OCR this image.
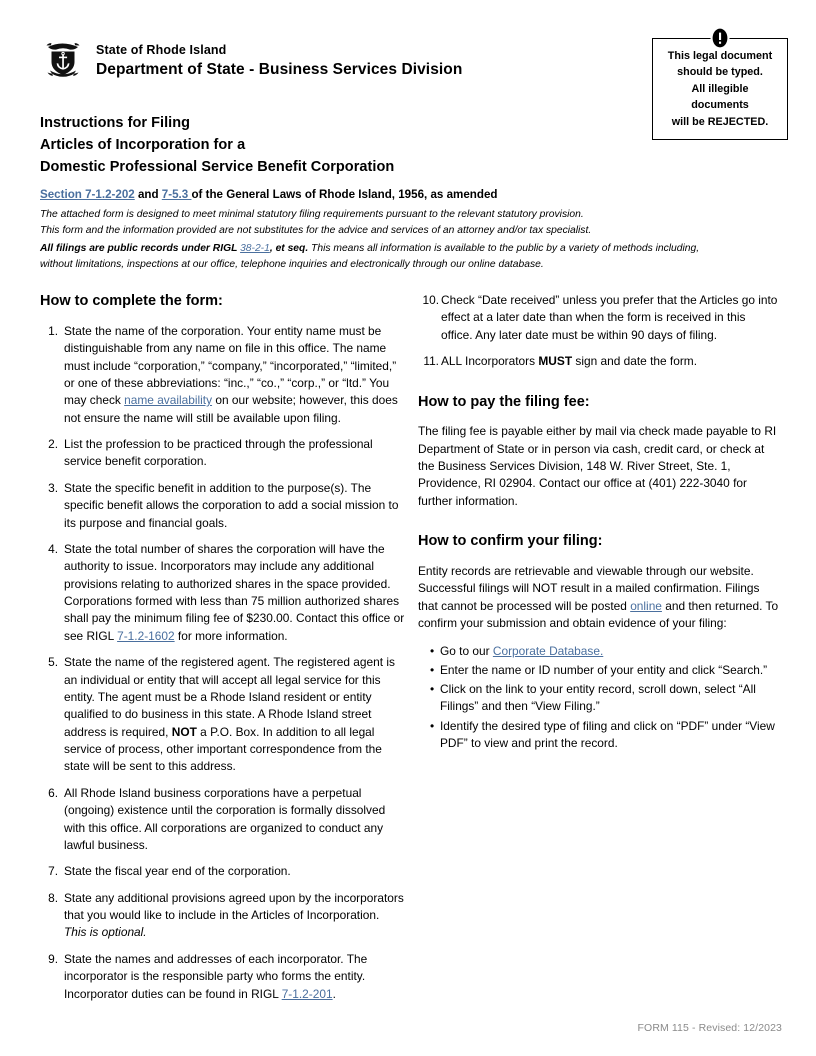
State of Rhode Island
Department of State - Business Services Division
This legal document
should be typed.
All illegible
documents
will be REJECTED.
Instructions for Filing
Articles of Incorporation for a
Domestic Professional Service Benefit Corporation
Section 7-1.2-202 and 7-5.3 of the General Laws of Rhode Island, 1956, as amended
The attached form is designed to meet minimal statutory filing requirements pursuant to the relevant statutory provision.
This form and the information provided are not substitutes for the advice and services of an attorney and/or tax specialist.
All filings are public records under RIGL 38-2-1, et seq. This means all information is available to the public by a variety of methods including, without limitations, inspections at our office, telephone inquiries and electronically through our online database.
How to complete the form:
1. State the name of the corporation. Your entity name must be distinguishable from any name on file in this office. The name must include “corporation,” “company,” “incorporated,” “limited,” or one of these abbreviations: “inc.,” “co.,” “corp.,” or “ltd.” You may check name availability on our website; however, this does not ensure the name will still be available upon filing.
2. List the profession to be practiced through the professional service benefit corporation.
3. State the specific benefit in addition to the purpose(s). The specific benefit allows the corporation to add a social mission to its purpose and financial goals.
4. State the total number of shares the corporation will have the authority to issue. Incorporators may include any additional provisions relating to authorized shares in the space provided. Corporations formed with less than 75 million authorized shares shall pay the minimum filing fee of $230.00. Contact this office or see RIGL 7-1.2-1602 for more information.
5. State the name of the registered agent. The registered agent is an individual or entity that will accept all legal service for this entity. The agent must be a Rhode Island resident or entity qualified to do business in this state. A Rhode Island street address is required, NOT a P.O. Box. In addition to all legal service of process, other important correspondence from the state will be sent to this address.
6. All Rhode Island business corporations have a perpetual (ongoing) existence until the corporation is formally dissolved with this office. All corporations are organized to conduct any lawful business.
7. State the fiscal year end of the corporation.
8. State any additional provisions agreed upon by the incorporators that you would like to include in the Articles of Incorporation. This is optional.
9. State the names and addresses of each incorporator. The incorporator is the responsible party who forms the entity. Incorporator duties can be found in RIGL 7-1.2-201.
10. Check “Date received” unless you prefer that the Articles go into effect at a later date than when the form is received in this office. Any later date must be within 90 days of filing.
11. ALL Incorporators MUST sign and date the form.
How to pay the filing fee:

The filing fee is payable either by mail via check made payable to RI Department of State or in person via cash, credit card, or check at the Business Services Division, 148 W. River Street, Ste. 1, Providence, RI 02904. Contact our office at (401) 222-3040 for further information.

How to confirm your filing:

Entity records are retrievable and viewable through our website. Successful filings will NOT result in a mailed confirmation. Filings that cannot be processed will be posted online and then returned. To confirm your submission and obtain evidence of your filing:

• Go to our Corporate Database.
• Enter the name or ID number of your entity and click “Search.”
• Click on the link to your entity record, scroll down, select “All Filings” and then “View Filing.”
• Identify the desired type of filing and click on “PDF” under “View PDF” to view and print the record.
FORM 115 - Revised: 12/2023
